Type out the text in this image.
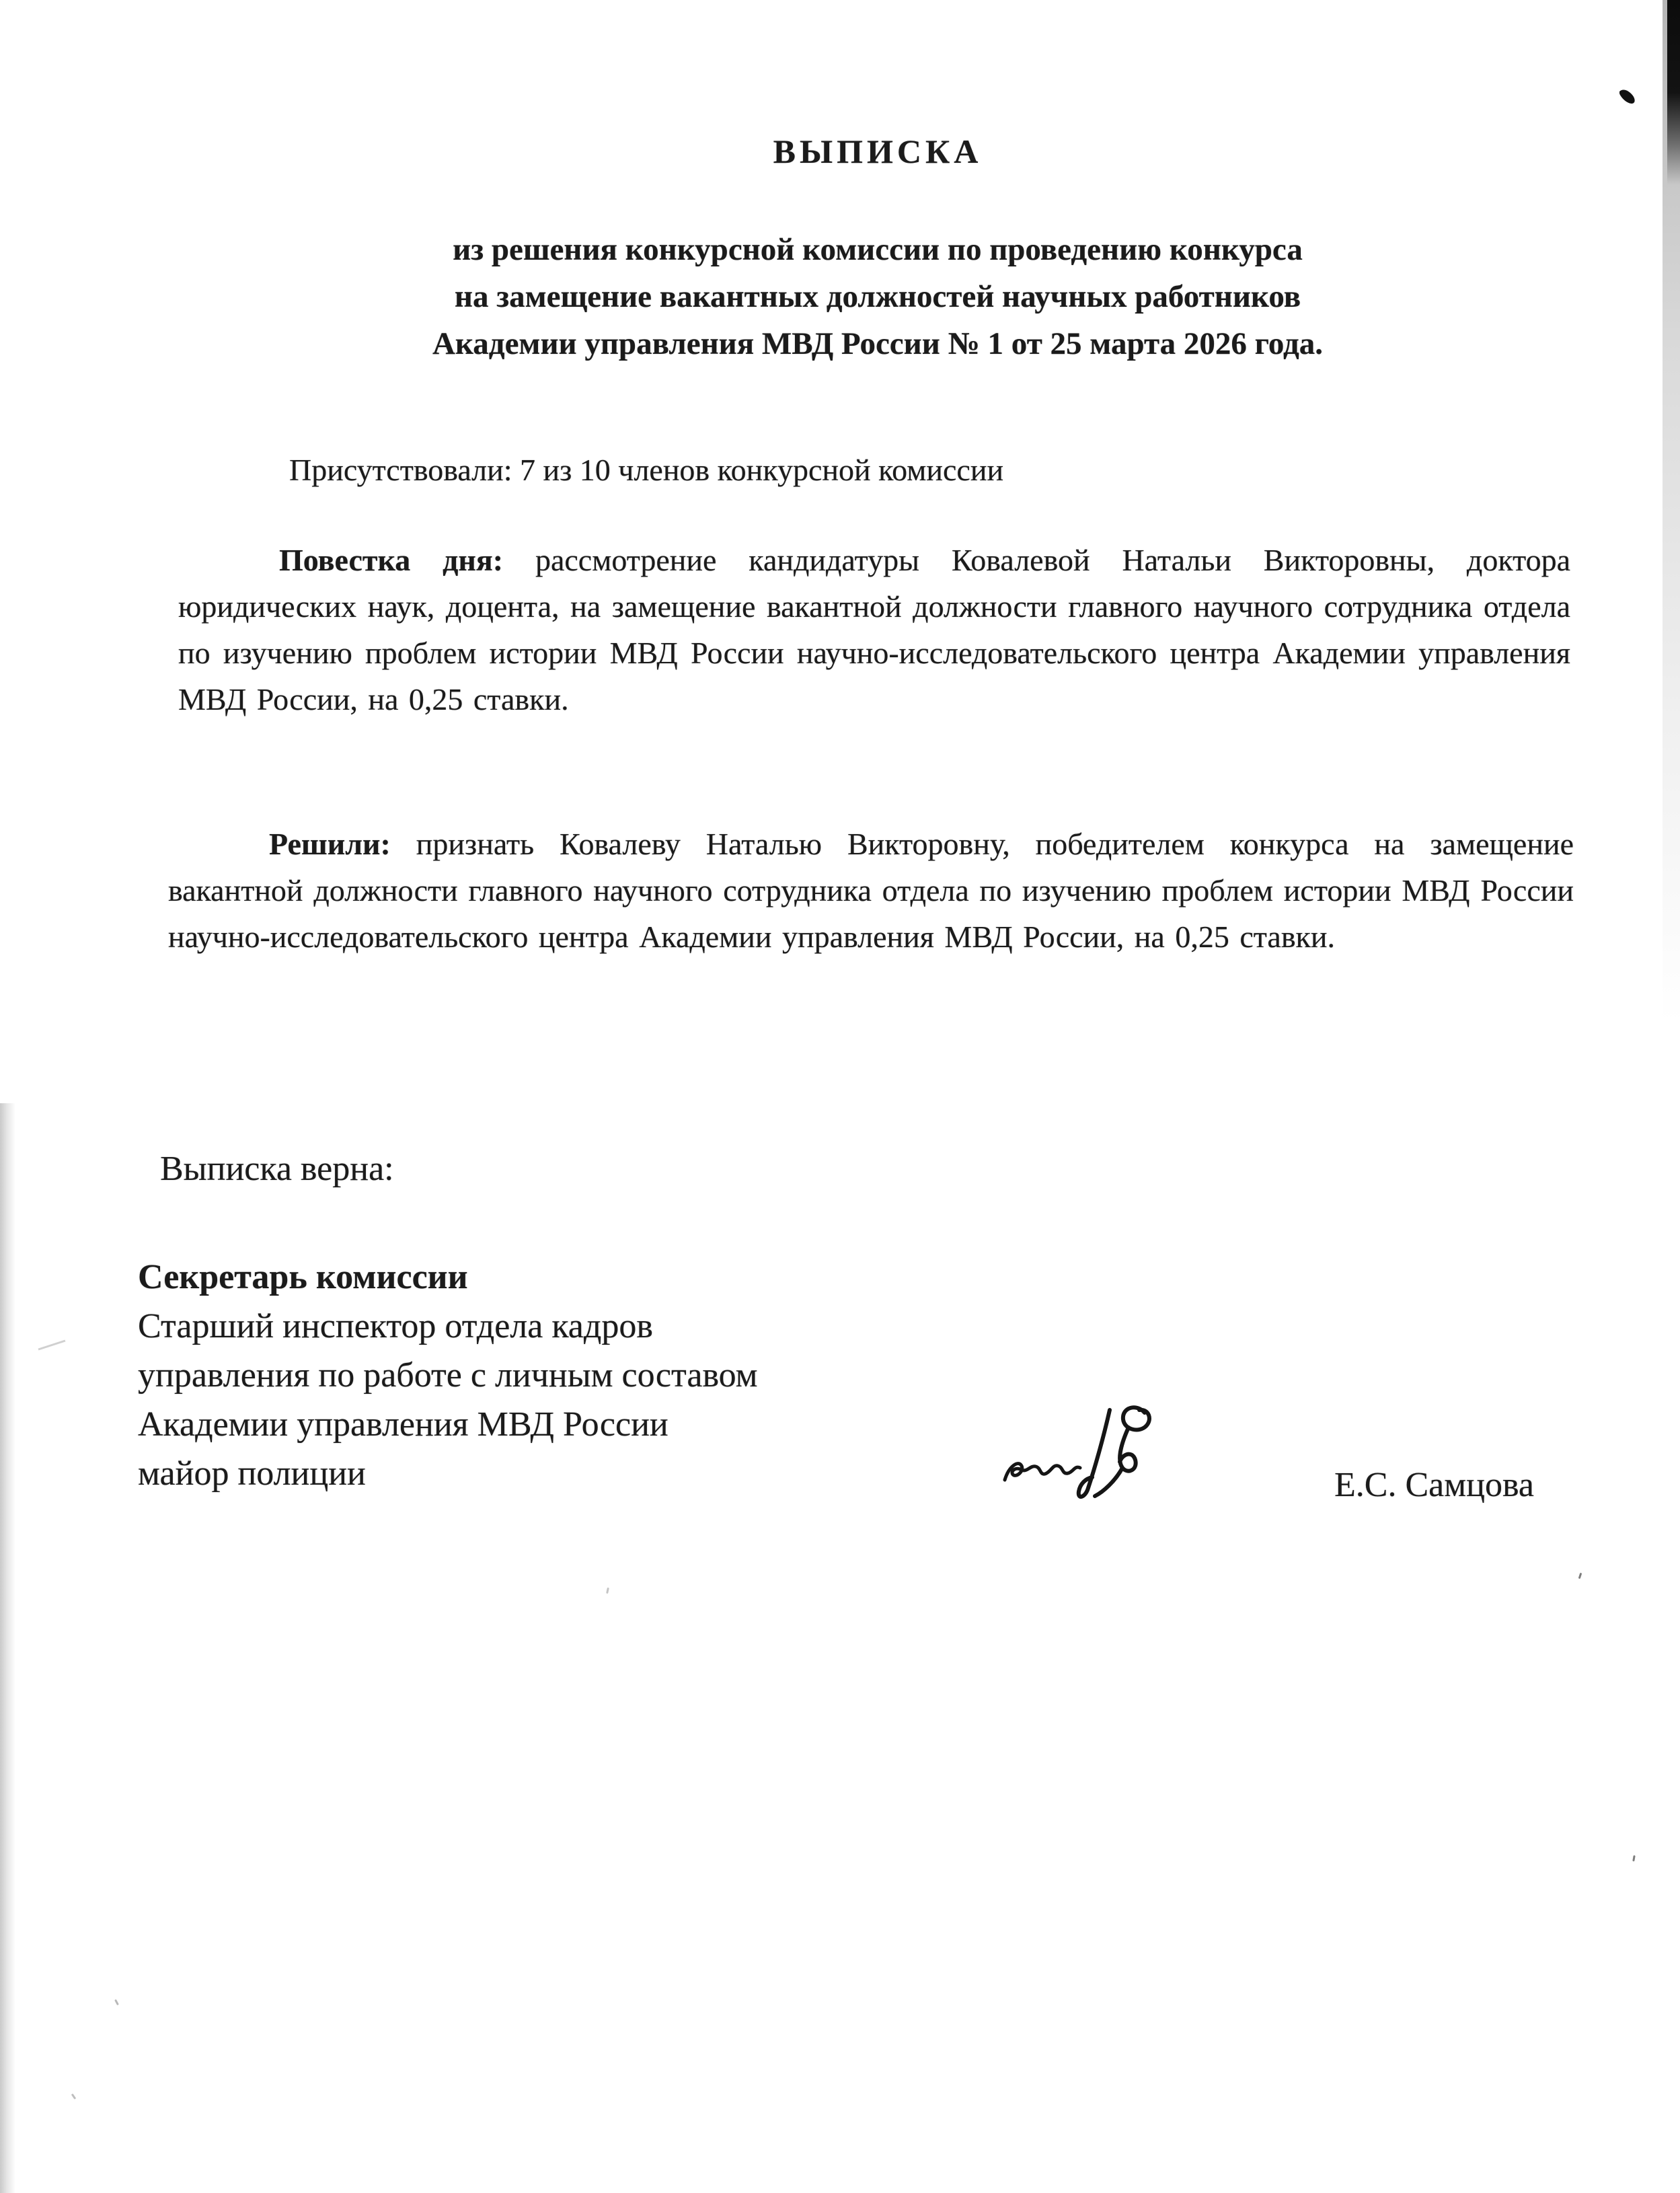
ВЫПИСКА
из решения конкурсной комиссии по проведению конкурса
на замещение вакантных должностей научных работников
Академии управления МВД России № 1 от 25 марта 2026 года.

Присутствовали: 7 из 10 членов конкурсной комиссии

Повестка дня: рассмотрение кандидатуры Ковалевой Натальи Викторовны, доктора юридических наук, доцента, на замещение вакантной должности главного научного сотрудника отдела по изучению проблем истории МВД России научно-исследовательского центра Академии управления МВД России, на 0,25 ставки.

Решили: признать Ковалеву Наталью Викторовну, победителем конкурса на замещение вакантной должности главного научного сотрудника отдела по изучению проблем истории МВД России научно-исследовательского центра Академии управления МВД России, на 0,25 ставки.

Выписка верна:

Секретарь комиссии

Старший инспектор отдела кадров

управления по работе с личным составом

Академии управления МВД России

майор полиции	Е.С. Самцова
